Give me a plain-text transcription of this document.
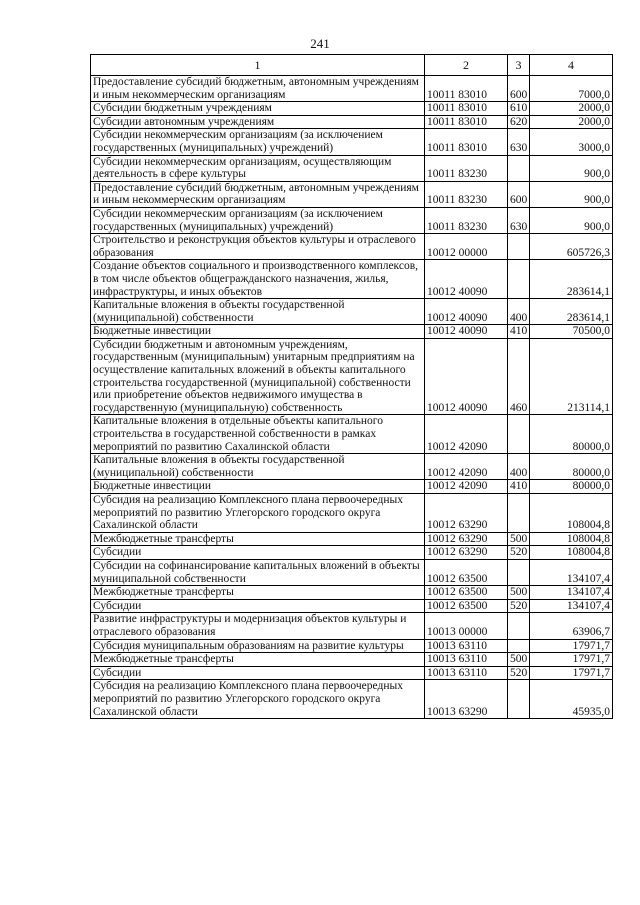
241
1	2	3	4
Предоставление субсидий бюджетным, автономным учреждениям и иным некоммерческим организациям	10011 83010	600	7000,0
Субсидии бюджетным учреждениям	10011 83010	610	2000,0
Субсидии автономным учреждениям	10011 83010	620	2000,0
Субсидии некоммерческим организациям (за исключением государственных (муниципальных) учреждений)	10011 83010	630	3000,0
Субсидии некоммерческим организациям, осуществляющим деятельность в сфере культуры	10011 83230		900,0
Предоставление субсидий бюджетным, автономным учреждениям и иным некоммерческим организациям	10011 83230	600	900,0
Субсидии некоммерческим организациям (за исключением государственных (муниципальных) учреждений)	10011 83230	630	900,0
Строительство и реконструкция объектов культуры и отраслевого образования	10012 00000		605726,3
Создание объектов социального и производственного комплексов, в том числе объектов общегражданского назначения, жилья, инфраструктуры, и иных объектов	10012 40090		283614,1
Капитальные вложения в объекты государственной (муниципальной) собственности	10012 40090	400	283614,1
Бюджетные инвестиции	10012 40090	410	70500,0
Субсидии бюджетным и автономным учреждениям, государственным (муниципальным) унитарным предприятиям на осуществление капитальных вложений в объекты капитального строительства государственной (муниципальной) собственности или приобретение объектов недвижимого имущества в государственную (муниципальную) собственность	10012 40090	460	213114,1
Капитальные вложения в отдельные объекты капитального строительства в государственной собственности в рамках мероприятий по развитию Сахалинской области	10012 42090		80000,0
Капитальные вложения в объекты государственной (муниципальной) собственности	10012 42090	400	80000,0
Бюджетные инвестиции	10012 42090	410	80000,0
Субсидия на реализацию Комплексного плана первоочередных мероприятий по развитию Углегорского городского округа Сахалинской области	10012 63290		108004,8
Межбюджетные трансферты	10012 63290	500	108004,8
Субсидии	10012 63290	520	108004,8
Субсидии на софинансирование капитальных вложений в объекты муниципальной собственности	10012 63500		134107,4
Межбюджетные трансферты	10012 63500	500	134107,4
Субсидии	10012 63500	520	134107,4
Развитие инфраструктуры и модернизация объектов культуры и отраслевого образования	10013 00000		63906,7
Субсидия муниципальным образованиям на развитие культуры	10013 63110		17971,7
Межбюджетные трансферты	10013 63110	500	17971,7
Субсидии	10013 63110	520	17971,7
Субсидия на реализацию Комплексного плана первоочередных мероприятий по развитию Углегорского городского округа Сахалинской области	10013 63290		45935,0
